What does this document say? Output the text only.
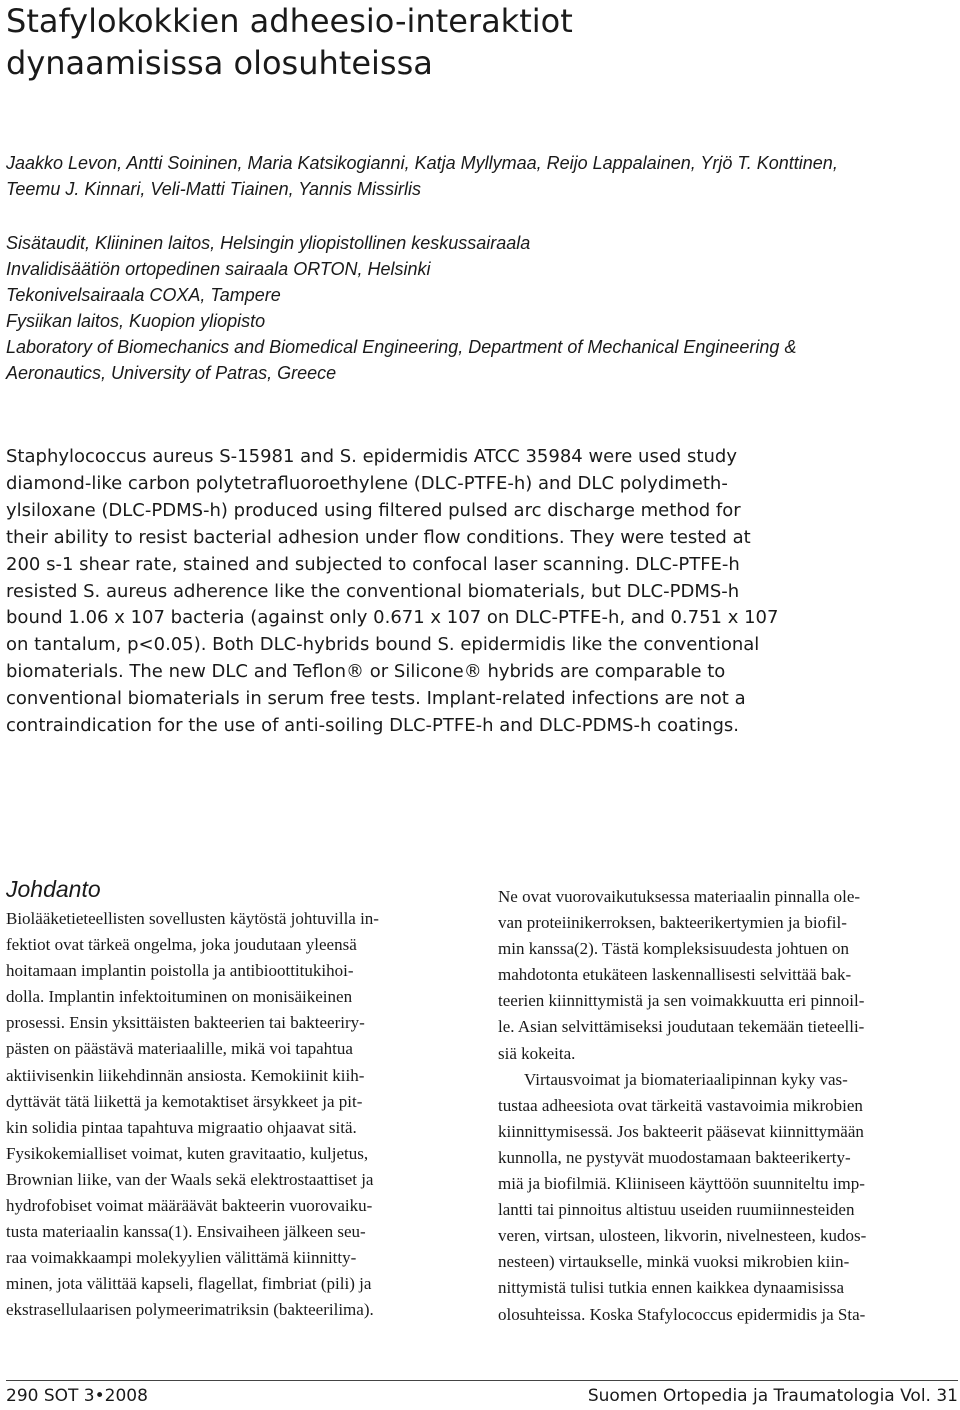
Stafylokokkien adheesio-interaktiot
dynaamisissa olosuhteissa
Jaakko Levon, Antti Soininen, Maria Katsikogianni, Katja Myllymaa, Reijo Lappalainen, Yrjö T. Konttinen,
Teemu J. Kinnari, Veli-Matti Tiainen, Yannis Missirlis
Sisätaudit, Kliininen laitos, Helsingin yliopistollinen keskussairaala
Invalidisäätiön ortopedinen sairaala ORTON, Helsinki
Tekonivelsairaala COXA, Tampere
Fysiikan laitos, Kuopion yliopisto
Laboratory of Biomechanics and Biomedical Engineering, Department of Mechanical Engineering &
Aeronautics, University of Patras, Greece
Staphylococcus aureus S-15981 and S. epidermidis ATCC 35984 were used study
diamond-like carbon polytetrafluoroethylene (DLC-PTFE-h) and DLC polydimeth-
ylsiloxane (DLC-PDMS-h) produced using filtered pulsed arc discharge method for
their ability to resist bacterial adhesion under flow conditions. They were tested at
200 s-1 shear rate, stained and subjected to confocal laser scanning. DLC-PTFE-h
resisted S. aureus adherence like the conventional biomaterials, but DLC-PDMS-h
bound 1.06 x 107 bacteria (against only 0.671 x 107 on DLC-PTFE-h, and 0.751 x 107
on tantalum, p<0.05). Both DLC-hybrids bound S. epidermidis like the conventional
biomaterials. The new DLC and Teflon® or Silicone® hybrids are comparable to
conventional biomaterials in serum free tests. Implant-related infections are not a
contraindication for the use of anti-soiling DLC-PTFE-h and DLC-PDMS-h coatings.
Johdanto
Biolääketieteellisten sovellusten käytöstä johtuvilla in-
fektiot ovat tärkeä ongelma, joka joudutaan yleensä
hoitamaan implantin poistolla ja antibioottitukihoi-
dolla. Implantin infektoituminen on monisäikeinen
prosessi. Ensin yksittäisten bakteerien tai bakteeriry-
pästen on päästävä materiaalille, mikä voi tapahtua
aktiivisenkin liikehdinnän ansiosta. Kemokiinit kiih-
dyttävät tätä liikettä ja kemotaktiset ärsykkeet ja pit-
kin solidia pintaa tapahtuva migraatio ohjaavat sitä.
Fysikokemialliset voimat, kuten gravitaatio, kuljetus,
Brownian liike, van der Waals sekä elektrostaattiset ja
hydrofobiset voimat määräävät bakteerin vuorovaiku-
tusta materiaalin kanssa(1). Ensivaiheen jälkeen seu-
raa voimakkaampi molekyylien välittämä kiinnitty-
minen, jota välittää kapseli, flagellat, fimbriat (pili) ja
ekstrasellulaarisen polymeerimatriksin (bakteerilima).
Ne ovat vuorovaikutuksessa materiaalin pinnalla ole-
van proteiinikerroksen, bakteerikertymien ja biofil-
min kanssa(2). Tästä kompleksisuudesta johtuen on
mahdotonta etukäteen laskennallisesti selvittää bak-
teerien kiinnittymistä ja sen voimakkuutta eri pinnoil-
le. Asian selvittämiseksi joudutaan tekemään tieteelli-
siä kokeita.
Virtausvoimat ja biomateriaalipinnan kyky vas-
tustaa adheesiota ovat tärkeitä vastavoimia mikrobien
kiinnittymisessä. Jos bakteerit pääsevat kiinnittymään
kunnolla, ne pystyvät muodostamaan bakteerikerty-
miä ja biofilmiä. Kliiniseen käyttöön suunniteltu imp-
lantti tai pinnoitus altistuu useiden ruumiinnesteiden
veren, virtsan, ulosteen, likvorin, nivelnesteen, kudos-
nesteen) virtaukselle, minkä vuoksi mikrobien kiin-
nittymistä tulisi tutkia ennen kaikkea dynaamisissa
olosuhteissa. Koska Stafylococcus epidermidis ja Sta-
290 SOT 3•2008	Suomen Ortopedia ja Traumatologia Vol. 31
